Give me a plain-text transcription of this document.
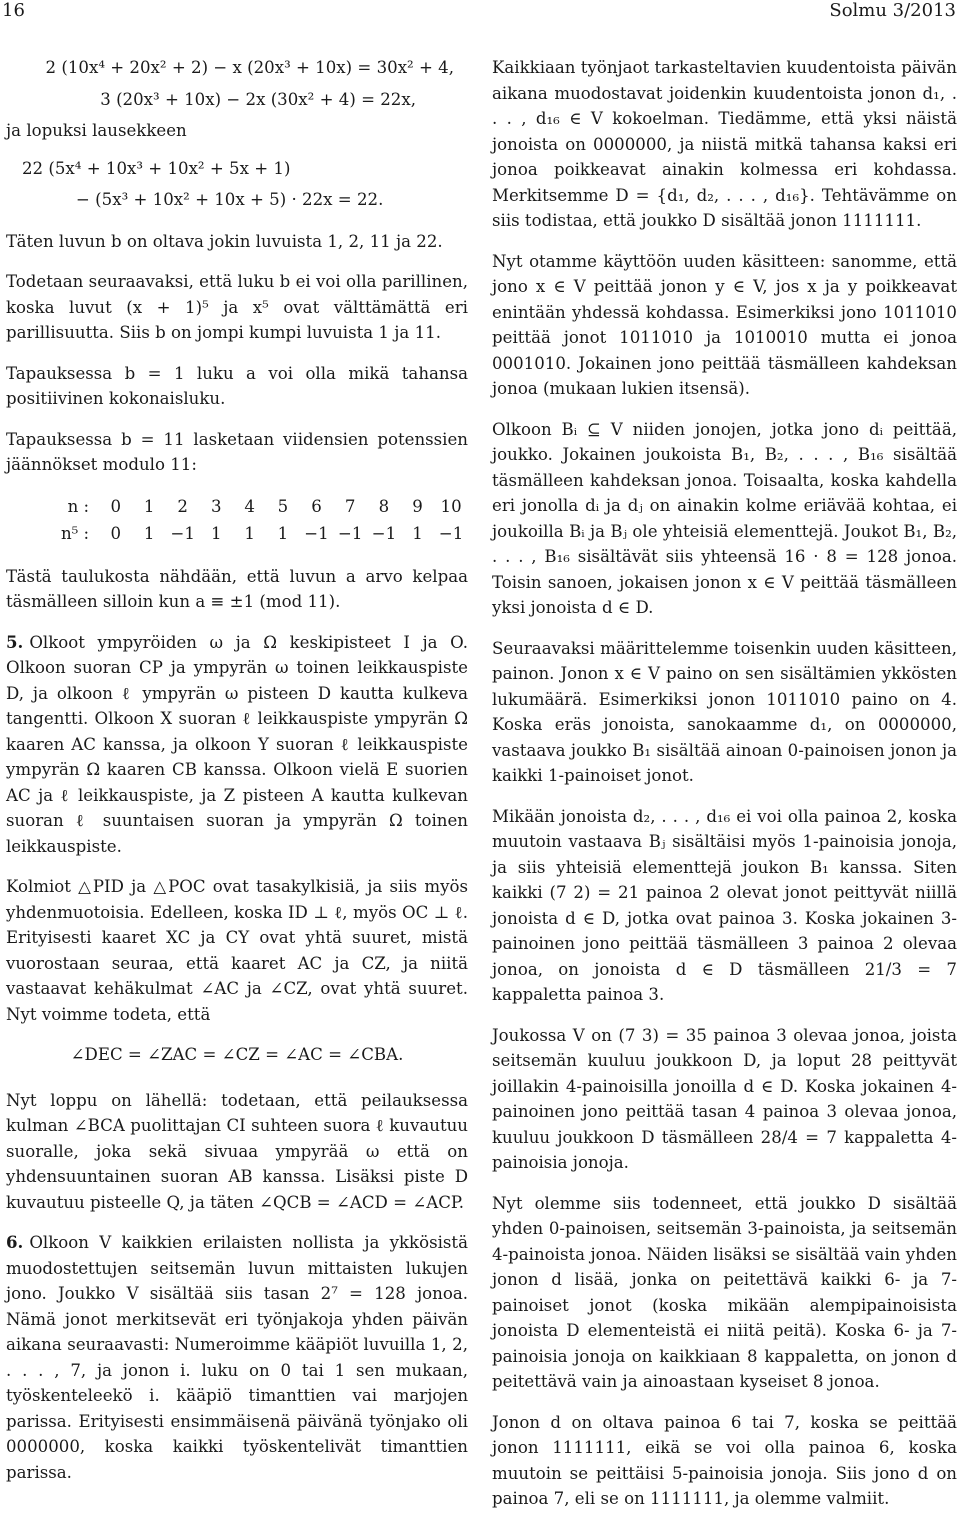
16	Solmu 3/2013
2 (10x⁴ + 20x² + 2) − x (20x³ + 10x) = 30x² + 4,
3 (20x³ + 10x) − 2x (30x² + 4) = 22x,

ja lopuksi lausekkeen

22 (5x⁴ + 10x³ + 10x² + 5x + 1)
− (5x³ + 10x² + 10x + 5) · 22x = 22.

Täten luvun b on oltava jokin luvuista 1, 2, 11 ja 22.

Todetaan seuraavaksi, että luku b ei voi olla parillinen, koska luvut (x + 1)⁵ ja x⁵ ovat välttämättä eri parillisuutta. Siis b on jompi kumpi luvuista 1 ja 11.

Tapauksessa b = 1 luku a voi olla mikä tahansa positiivinen kokonaisluku.

Tapauksessa b = 11 lasketaan viidensien potenssien jäännökset modulo 11:

n :	0	1	2	3	4	5	6	7	8	9	10
n⁵ :	0	1	−1	1	1	1	−1	−1	−1	1	−1

Tästä taulukosta nähdään, että luvun a arvo kelpaa täsmälleen silloin kun a ≡ ±1 (mod 11).

5. Olkoot ympyröiden ω ja Ω keskipisteet I ja O. Olkoon suoran CP ja ympyrän ω toinen leikkauspiste D, ja olkoon ℓ ympyrän ω pisteen D kautta kulkeva tangentti. Olkoon X suoran ℓ leikkauspiste ympyrän Ω kaaren AC kanssa, ja olkoon Y suoran ℓ leikkauspiste ympyrän Ω kaaren CB kanssa. Olkoon vielä E suorien AC ja ℓ leikkauspiste, ja Z pisteen A kautta kulkevan suoran ℓ suuntaisen suoran ja ympyrän Ω toinen leikkauspiste.

Kolmiot △PID ja △POC ovat tasakylkisiä, ja siis myös yhdenmuotoisia. Edelleen, koska ID ⊥ ℓ, myös OC ⊥ ℓ. Erityisesti kaaret XC ja CY ovat yhtä suuret, mistä vuorostaan seuraa, että kaaret AC ja CZ, ja niitä vastaavat kehäkulmat ∠AC ja ∠CZ, ovat yhtä suuret. Nyt voimme todeta, että

∠DEC = ∠ZAC = ∠CZ = ∠AC = ∠CBA.

Nyt loppu on lähellä: todetaan, että peilauksessa kulman ∠BCA puolittajan CI suhteen suora ℓ kuvautuu suoralle, joka sekä sivuaa ympyrää ω että on yhdensuuntainen suoran AB kanssa. Lisäksi piste D kuvautuu pisteelle Q, ja täten ∠QCB = ∠ACD = ∠ACP.

6. Olkoon V kaikkien erilaisten nollista ja ykkösistä muodostettujen seitsemän luvun mittaisten lukujen jono. Joukko V sisältää siis tasan 2⁷ = 128 jonoa. Nämä jonot merkitsevät eri työnjakoja yhden päivän aikana seuraavasti: Numeroimme kääpiöt luvuilla 1, 2, . . . , 7, ja jonon i. luku on 0 tai 1 sen mukaan, työskenteleekö i. kääpiö timanttien vai marjojen parissa. Erityisesti ensimmäisenä päivänä työnjako oli 0000000, koska kaikki työskentelivät timanttien parissa.

Kaikkiaan työnjaot tarkasteltavien kuudentoista päivän aikana muodostavat joidenkin kuudentoista jonon d₁, . . . , d₁₆ ∈ V kokoelman. Tiedämme, että yksi näistä jonoista on 0000000, ja niistä mitkä tahansa kaksi eri jonoa poikkeavat ainakin kolmessa eri kohdassa. Merkitsemme D = {d₁, d₂, . . . , d₁₆}. Tehtävämme on siis todistaa, että joukko D sisältää jonon 1111111.

Nyt otamme käyttöön uuden käsitteen: sanomme, että jono x ∈ V peittää jonon y ∈ V, jos x ja y poikkeavat enintään yhdessä kohdassa. Esimerkiksi jono 1011010 peittää jonot 1011010 ja 1010010 mutta ei jonoa 0001010. Jokainen jono peittää täsmälleen kahdeksan jonoa (mukaan lukien itsensä).

Olkoon Bᵢ ⊆ V niiden jonojen, jotka jono dᵢ peittää, joukko. Jokainen joukoista B₁, B₂, . . . , B₁₆ sisältää täsmälleen kahdeksan jonoa. Toisaalta, koska kahdella eri jonolla dᵢ ja dⱼ on ainakin kolme eriävää kohtaa, ei joukoilla Bᵢ ja Bⱼ ole yhteisiä elementtejä. Joukot B₁, B₂, . . . , B₁₆ sisältävät siis yhteensä 16 · 8 = 128 jonoa. Toisin sanoen, jokaisen jonon x ∈ V peittää täsmälleen yksi jonoista d ∈ D.

Seuraavaksi määrittelemme toisenkin uuden käsitteen, painon. Jonon x ∈ V paino on sen sisältämien ykkösten lukumäärä. Esimerkiksi jonon 1011010 paino on 4. Koska eräs jonoista, sanokaamme d₁, on 0000000, vastaava joukko B₁ sisältää ainoan 0-painoisen jonon ja kaikki 1-painoiset jonot.

Mikään jonoista d₂, . . . , d₁₆ ei voi olla painoa 2, koska muutoin vastaava Bⱼ sisältäisi myös 1-painoisia jonoja, ja siis yhteisiä elementtejä joukon B₁ kanssa. Siten kaikki (7 2) = 21 painoa 2 olevat jonot peittyvät niillä jonoista d ∈ D, jotka ovat painoa 3. Koska jokainen 3-painoinen jono peittää täsmälleen 3 painoa 2 olevaa jonoa, on jonoista d ∈ D täsmälleen 21/3 = 7 kappaletta painoa 3.

Joukossa V on (7 3) = 35 painoa 3 olevaa jonoa, joista seitsemän kuuluu joukkoon D, ja loput 28 peittyvät joillakin 4-painoisilla jonoilla d ∈ D. Koska jokainen 4-painoinen jono peittää tasan 4 painoa 3 olevaa jonoa, kuuluu joukkoon D täsmälleen 28/4 = 7 kappaletta 4-painoisia jonoja.

Nyt olemme siis todenneet, että joukko D sisältää yhden 0-painoisen, seitsemän 3-painoista, ja seitsemän 4-painoista jonoa. Näiden lisäksi se sisältää vain yhden jonon d lisää, jonka on peitettävä kaikki 6- ja 7-painoiset jonot (koska mikään alempipainoisista jonoista D elementeistä ei niitä peitä). Koska 6- ja 7-painoisia jonoja on kaikkiaan 8 kappaletta, on jonon d peitettävä vain ja ainoastaan kyseiset 8 jonoa.

Jonon d on oltava painoa 6 tai 7, koska se peittää jonon 1111111, eikä se voi olla painoa 6, koska muutoin se peittäisi 5-painoisia jonoja. Siis jono d on painoa 7, eli se on 1111111, ja olemme valmiit.
